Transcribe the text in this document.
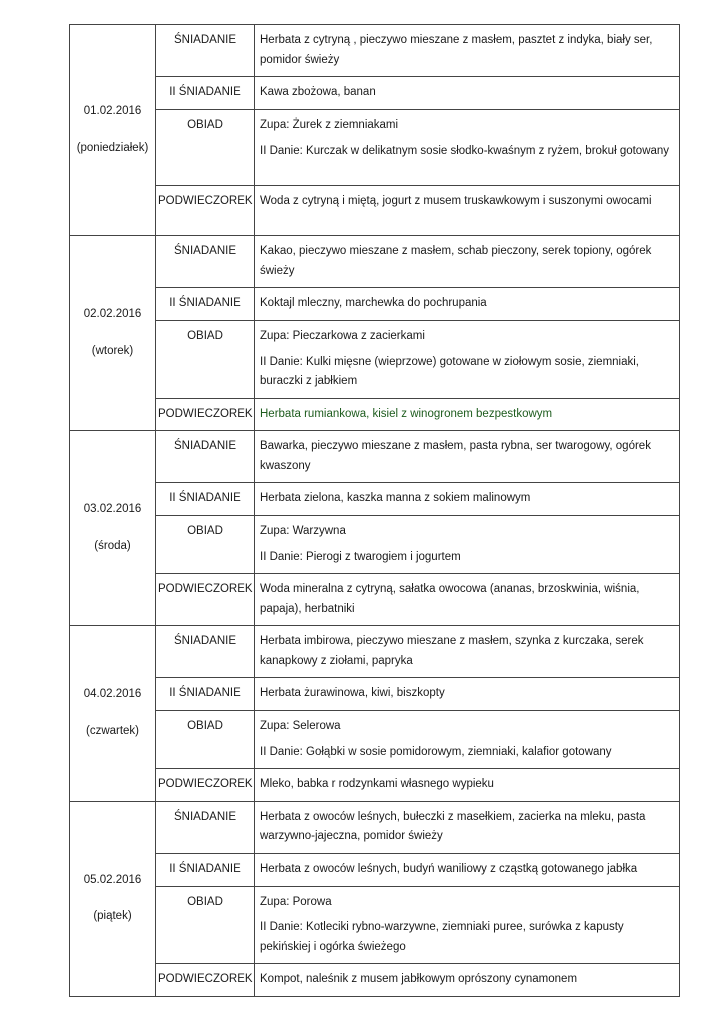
01.02.2016
(poniedziałek)	ŚNIADANIE	Herbata z cytryną , pieczywo mieszane z masłem, pasztet z indyka, biały ser, pomidor świeży
	II ŚNIADANIE	Kawa zbożowa, banan
	OBIAD	Zupa: Żurek z ziemniakami
II Danie: Kurczak w delikatnym sosie słodko-kwaśnym z ryżem, brokuł gotowany

	PODWIECZOREK	Woda z cytryną i miętą, jogurt z musem truskawkowym i suszonymi owocami

02.02.2016
(wtorek)	ŚNIADANIE	Kakao, pieczywo mieszane z masłem, schab pieczony, serek topiony, ogórek świeży
	II ŚNIADANIE	Koktajl mleczny, marchewka do pochrupania
	OBIAD	Zupa: Pieczarkowa z zacierkami
II Danie: Kulki mięsne (wieprzowe) gotowane w ziołowym sosie, ziemniaki, buraczki z jabłkiem

	PODWIECZOREK	Herbata rumiankowa, kisiel z winogronem bezpestkowym

03.02.2016
(środa)	ŚNIADANIE	Bawarka, pieczywo mieszane z masłem, pasta rybna, ser twarogowy, ogórek kwaszony
	II ŚNIADANIE	Herbata zielona, kaszka manna z sokiem malinowym
	OBIAD	Zupa: Warzywna
II Danie: Pierogi z twarogiem i jogurtem

	PODWIECZOREK	Woda mineralna z cytryną, sałatka owocowa (ananas, brzoskwinia, wiśnia, papaja), herbatniki

04.02.2016
(czwartek)	ŚNIADANIE	Herbata imbirowa, pieczywo mieszane z masłem, szynka z kurczaka, serek kanapkowy z ziołami, papryka
	II ŚNIADANIE	Herbata żurawinowa, kiwi, biszkopty
	OBIAD	Zupa: Selerowa
II Danie: Gołąbki w sosie pomidorowym, ziemniaki, kalafior gotowany

	PODWIECZOREK	Mleko, babka r rodzynkami własnego wypieku

05.02.2016
(piątek)	ŚNIADANIE	Herbata z owoców leśnych, bułeczki z masełkiem, zacierka na mleku, pasta warzywno-jajeczna, pomidor świeży
	II ŚNIADANIE	Herbata z owoców leśnych, budyń waniliowy z cząstką gotowanego jabłka
	OBIAD	Zupa: Porowa
II Danie: Kotleciki rybno-warzywne, ziemniaki puree, surówka z kapusty pekińskiej i ogórka świeżego

	PODWIECZOREK	Kompot, naleśnik z musem jabłkowym oprószony cynamonem
